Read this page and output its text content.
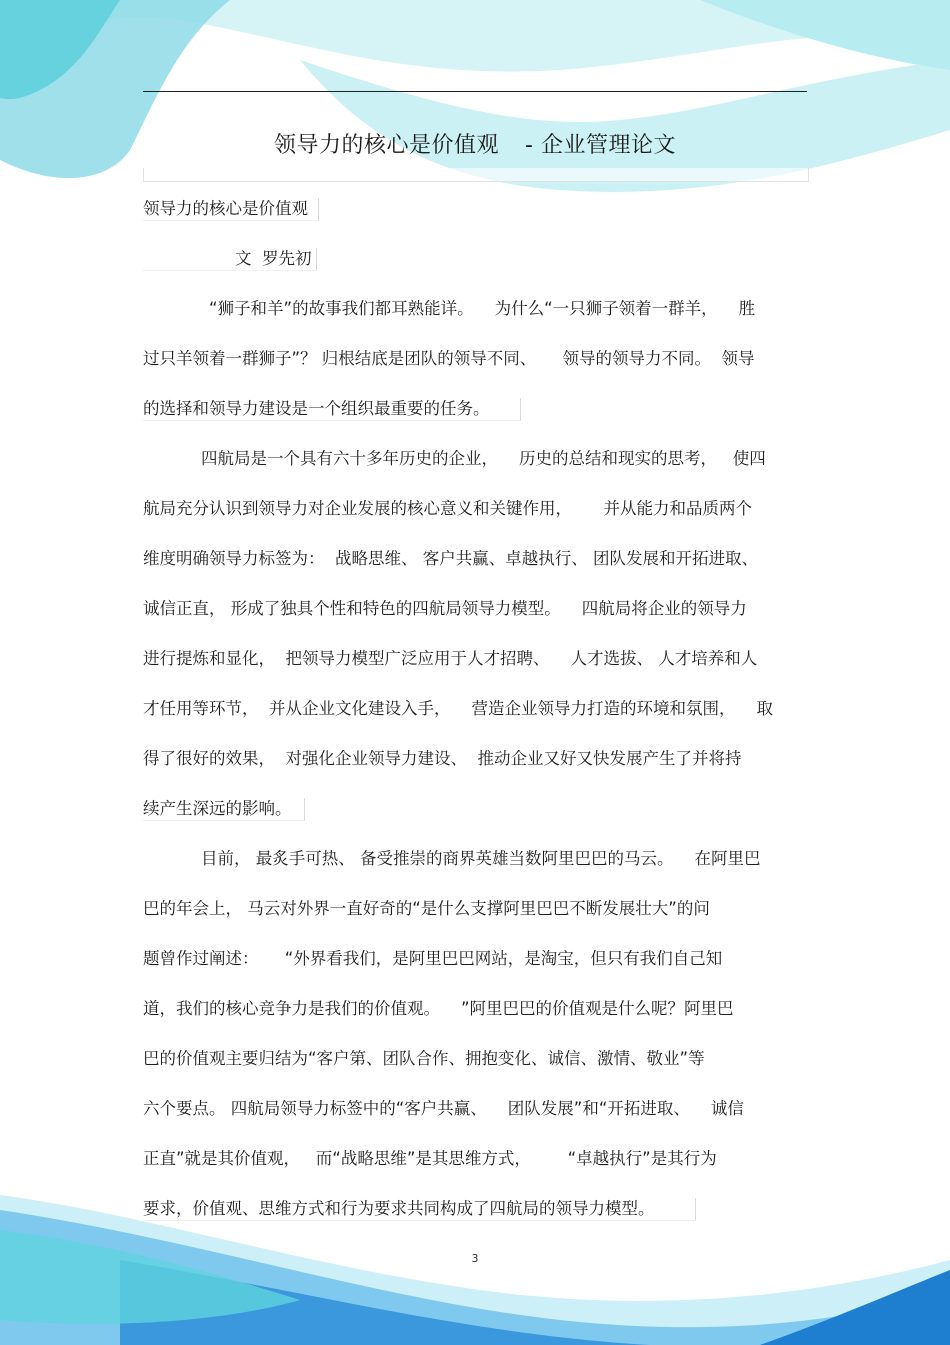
领导力的核心是价值观 - 企业管理论文
领导力的核心是价值观
文  罗先初
“狮子和羊”的故事我们都耳熟能详。    为什么“一只狮子领着一群羊，    胜
过只羊领着一群狮子”？ 归根结底是团队的领导不同、     领导的领导力不同。  领导
的选择和领导力建设是一个组织最重要的任务。
四航局是一个具有六十多年历史的企业，    历史的总结和现实的思考，   使四
航局充分认识到领导力对企业发展的核心意义和关键作用，      并从能力和品质两个
维度明确领导力标签为：  战略思维、 客户共赢、卓越执行、 团队发展和开拓进取、
诚信正直， 形成了独具个性和特色的四航局领导力模型。    四航局将企业的领导力
进行提炼和显化，  把领导力模型广泛应用于人才招聘、    人才选拔、 人才培养和人
才任用等环节，  并从企业文化建设入手，    营造企业领导力打造的环境和氛围，    取
得了很好的效果，  对强化企业领导力建设、  推动企业又好又快发展产生了并将持
续产生深远的影响。
目前， 最炙手可热、 备受推崇的商界英雄当数阿里巴巴的马云。    在阿里巴
巴的年会上， 马云对外界一直好奇的“是什么支撑阿里巴巴不断发展壮大”的问
题曾作过阐述：     “外界看我们，是阿里巴巴网站，是淘宝，但只有我们自己知
道，我们的核心竞争力是我们的价值观。    ”阿里巴巴的价值观是什么呢？阿里巴
巴的价值观主要归结为“客户第、团队合作、拥抱变化、诚信、激情、敬业”等
六个要点。 四航局领导力标签中的“客户共赢、    团队发展”和“开拓进取、    诚信
正直”就是其价值观，   而“战略思维”是其思维方式，       “卓越执行”是其行为
要求，价值观、思维方式和行为要求共同构成了四航局的领导力模型。
3
